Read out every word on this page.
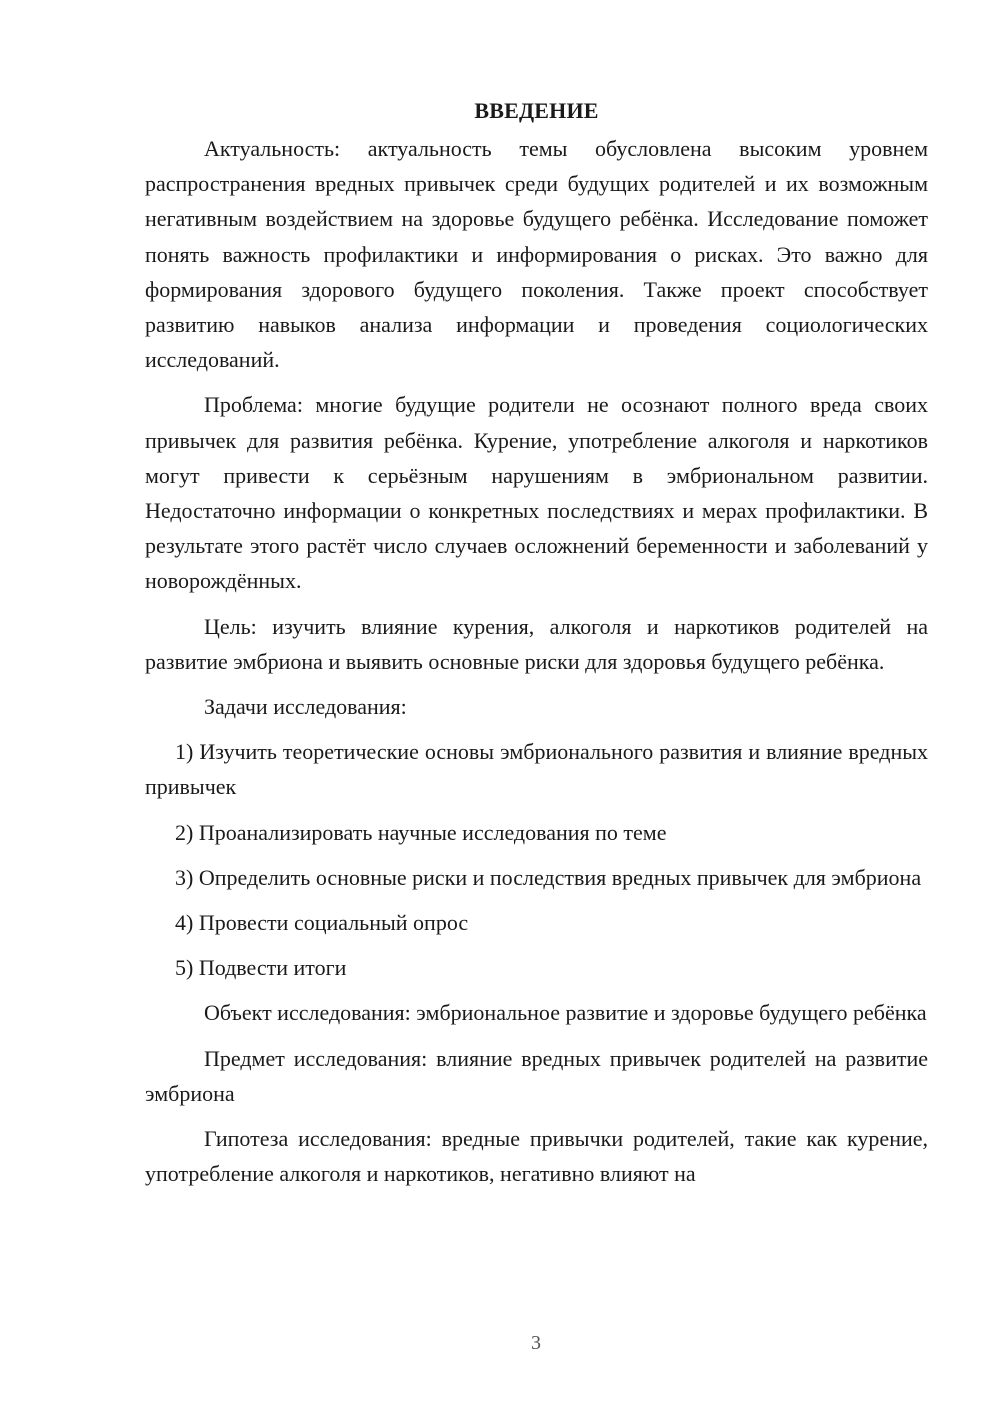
ВВЕДЕНИЕ

Актуальность: актуальность темы обусловлена высоким уровнем распространения вредных привычек среди будущих родителей и их возможным негативным воздействием на здоровье будущего ребёнка. Исследование поможет понять важность профилактики и информирования о рисках. Это важно для формирования здорового будущего поколения. Также проект способствует развитию навыков анализа информации и проведения социологических исследований.

Проблема: многие будущие родители не осознают полного вреда своих привычек для развития ребёнка. Курение, употребление алкоголя и наркотиков могут привести к серьёзным нарушениям в эмбриональном развитии. Недостаточно информации о конкретных последствиях и мерах профилактики. В результате этого растёт число случаев осложнений беременности и заболеваний у новорождённых.

Цель: изучить влияние курения, алкоголя и наркотиков родителей на развитие эмбриона и выявить основные риски для здоровья будущего ребёнка.

Задачи исследования:

1) Изучить теоретические основы эмбрионального развития и влияние вредных привычек

2) Проанализировать научные исследования по теме

3) Определить основные риски и последствия вредных привычек для эмбриона

4) Провести социальный опрос

5) Подвести итоги

Объект исследования: эмбриональное развитие и здоровье будущего ребёнка

Предмет исследования: влияние вредных привычек родителей на развитие эмбриона

Гипотеза исследования: вредные привычки родителей, такие как курение, употребление алкоголя и наркотиков, негативно влияют на

3
